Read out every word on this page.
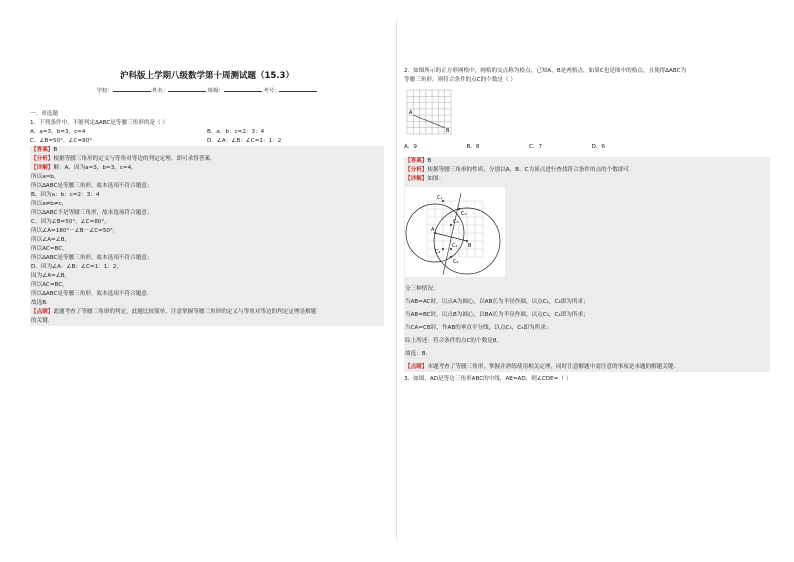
沪科版上学期八级数学第十周测试题（15.3）
学校：	姓名：	班级：	考号：
一、单选题
1．下列条件中，不能判定∆ABC是等腰三角形的是（ ）
A．a=3，b=3，c=4	B．a：b：c=2：3：4
C．∠B=50°，∠C=80°	D．∠A：∠B：∠C=1：1：2
【答案】B
【分析】根据等腰三角形的定义与等角对等边的判定定理，即可求得答案．
【详解】解：A、因为a=3，b=3，c=4，
所以a=b，
所以∆ABC是等腰三角形，故本选项不符合题意；
B、因为a：b：c=2：3：4
所以a≠b≠c，
所以∆ABC不是等腰三角形，故本选项符合题意；
C、因为∠B=50°，∠C=80°，
所以∠A=180°－∠B－∠C=50°，
所以∠A=∠B，
所以AC=BC，
所以∆ABC是等腰三角形，故本选项不符合题意；
D、因为∠A：∠B：∠C=1：1：2，
因为∠A=∠B，
所以AC=BC，
所以∆ABC是等腰三角形，故本选项不符合题意．
故选B．
【点睛】此题考查了等腰三角形的判定，此题比较简单，注意掌握等腰三角形的定义与等角对等边的判定定理是解题
的关键．
2．如图所示的正方形网格中，网格的交点称为格点，已知A，B是两格点，如果C也是图中的格点，且使得∆ABC为
等腰三角形，则符合条件的点C的个数是（ ）
A
B
A．9	B．8	C．7	D．6
【答案】B
【分析】根据等腰三角形的性质，分别以A、B、C为顶点进行查找符合条件的点的个数即可．
【详解】如图：
A
B
C₁
C₂
C₃
C₄
C₅
C₆
分三种情况：
当AB=AC时，以点A为圆心，以AB长为半径作圆，以点C₁，C₂即为所求；
当AB=BC时，以点B为圆心，以BA长为半径作圆，以点C₃，C₄即为所求；
当CA=CB时，作AB的垂直平分线，以点C₅，C₆即为所求；
综上所述：符合条件的点C的个数是8，
故选：B．
【点睛】本题考查了等腰三角形，掌握并熟练使用相关定理，同时注意解题中需注意的事项是本题的解题关键．
3．如图，AD是等边三角形ABC的中线，AE=AD，则∠CDE=（ ）
